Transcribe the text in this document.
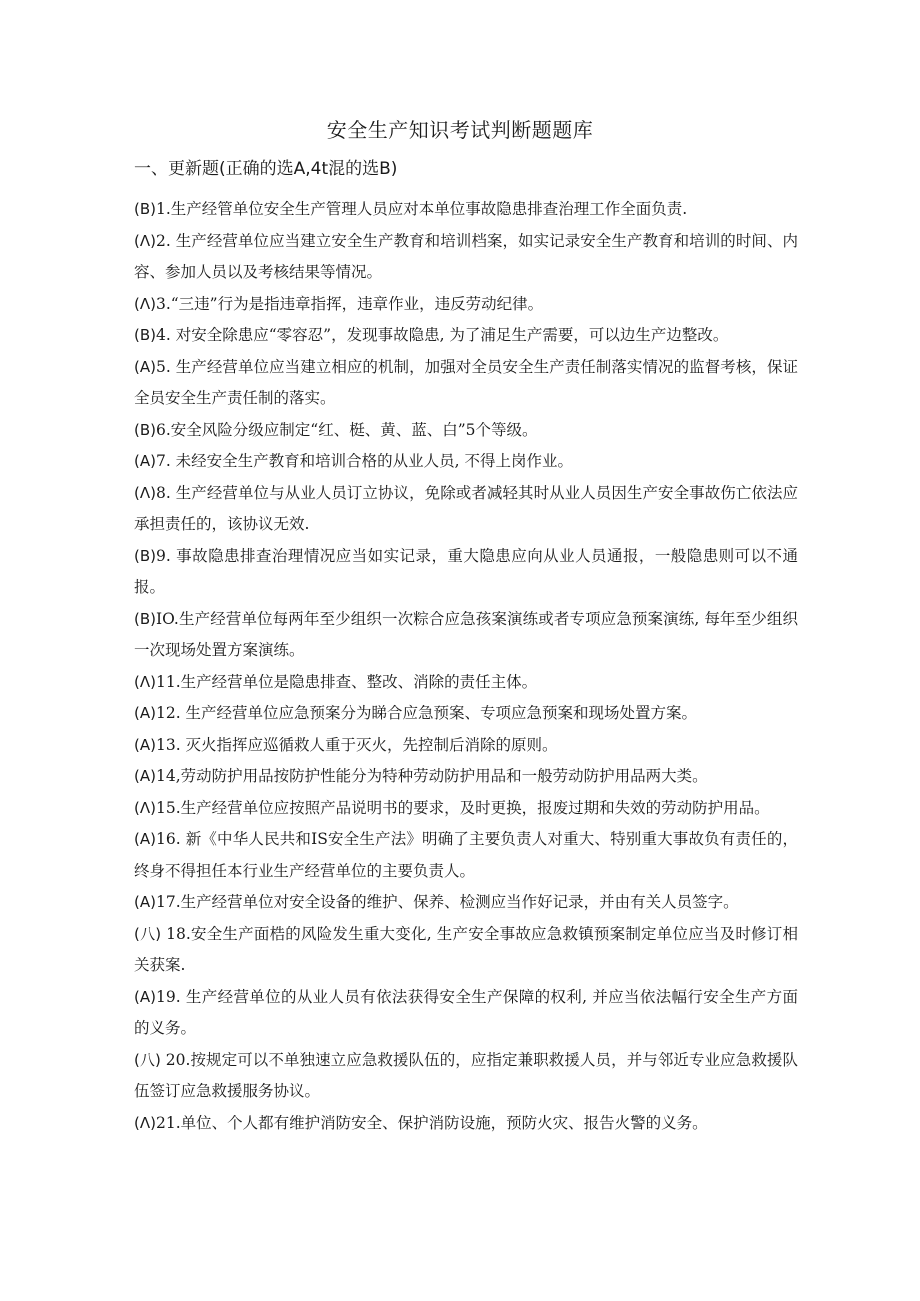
安全生产知识考试判断题题库
一、更新题(正确的选A,4t混的选B)
(B)1.生产经管单位安全生产管理人员应对本单位事故隐患排查治理工作全面负责.
(Λ)2. 生产经营单位应当建立安全生产教育和培训档案，如实记录安全生产教育和培训的时间、内容、参加人员以及考核结果等情况。
(Λ)3.“三违”行为是指违章指挥，违章作业，违反劳动纪律。
(B)4. 对安全除患应“零容忍”，发现事故隐患, 为了浦足生产需要，可以边生产边整改。
(A)5. 生产经营单位应当建立相应的机制，加强对全员安全生产责任制落实情况的监督考核，保证全员安全生产责任制的落实。
(B)6.安全风险分级应制定“红、梃、黄、蓝、白”5个等级。
(A)7. 未经安全生产教育和培训合格的从业人员, 不得上岗作业。
(Λ)8. 生产经营单位与从业人员订立协议，免除或者减轻其时从业人员因生产安全事故伤亡依法应承担责任的，该协议无效.
(B)9. 事故隐患排查治理情况应当如实记录，重大隐患应向从业人员通报，一般隐患则可以不通报。
(B)IO.生产经营单位每两年至少组织一次粽合应急孩案演练或者专项应急预案演练, 每年至少组织一次现场处置方案演练。
(Λ)11.生产经营单位是隐患排查、整改、消除的责任主体。
(A)12. 生产经营单位应急预案分为睇合应急预案、专项应急预案和现场处置方案。
(A)13. 灭火指挥应巡循救人重于灭火，先控制后消除的原则。
(A)14,劳动防护用品按防护性能分为特种劳动防护用品和一般劳动防护用品两大类。
(Λ)15.生产经营单位应按照产品说明书的要求，及时更换，报废过期和失效的劳动防护用品。
(A)16. 新《中华人民共和IS安全生产法》明确了主要负责人对重大、特别重大事故负有责任的，终身不得担任本行业生产经营单位的主要负责人。
(A)17.生产经营单位对安全设备的维护、保养、检测应当作好记录，并由有关人员签字。
(八) 18.安全生产面梏的风险发生重大变化, 生产安全事故应急救镇预案制定单位应当及时修订相关获案.
(A)19. 生产经营单位的从业人员有依法获得安全生产保障的权利, 并应当依法幅行安全生产方面的义务。
(八) 20.按规定可以不单独速立应急救援队伍的，应指定兼职救援人员，并与邻近专业应急救援队伍签订应急救援服务协议。
(Λ)21.单位、个人都有维护消防安全、保护消防设施，预防火灾、报告火警的义务。
